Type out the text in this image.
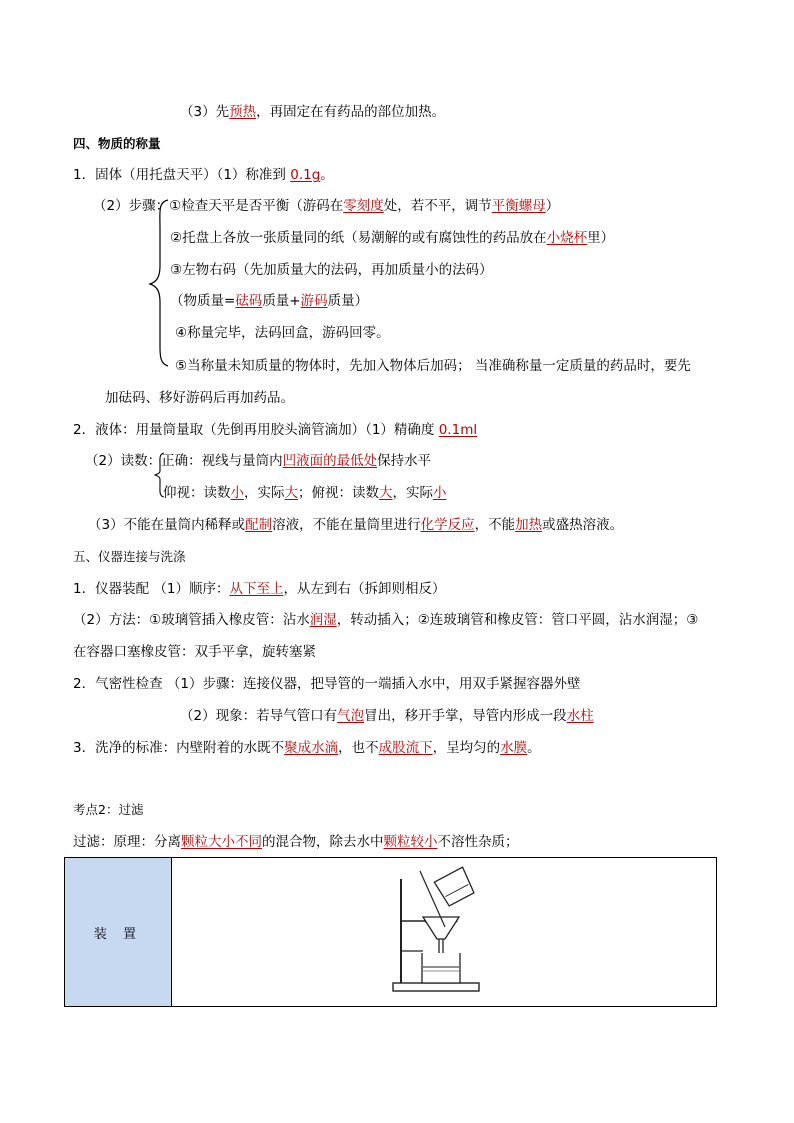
（3）先预热，再固定在有药品的部位加热。
四、物质的称量
1．固体（用托盘天平）（1）称准到 0.1g。
（2）步骤：①检查天平是否平衡（游码在零刻度处，若不平，调节平衡螺母）
②托盘上各放一张质量同的纸（易潮解的或有腐蚀性的药品放在小烧杯里）
③左物右码（先加质量大的法码，再加质量小的法码）
（物质量=砝码质量+游码质量）
④称量完毕，法码回盒，游码回零。
⑤当称量未知质量的物体时，先加入物体后加码； 当准确称量一定质量的药品时，要先
加砝码、移好游码后再加药品。
2．液体：用量筒量取（先倒再用胶头滴管滴加）（1）精确度 0.1ml
（2）读数：正确：视线与量筒内凹液面的最低处保持水平
仰视：读数小，实际大；俯视：读数大，实际小
（3）不能在量筒内稀释或配制溶液，不能在量筒里进行化学反应，不能加热或盛热溶液。
五、仪器连接与洗涤
1．仪器装配 （1）顺序：从下至上，从左到右（拆卸则相反）
（2）方法：①玻璃管插入橡皮管：沾水润湿，转动插入；②连玻璃管和橡皮管：管口平圆，沾水润湿；③
在容器口塞橡皮管：双手平拿，旋转塞紧
2．气密性检查 （1）步骤：连接仪器，把导管的一端插入水中，用双手紧握容器外壁
（2）现象：若导气管口有气泡冒出，移开手掌，导管内形成一段水柱
3．洗净的标准：内壁附着的水既不聚成水滴，也不成股流下，呈均匀的水膜。
考点2：过滤
过滤：原理：分离颗粒大小不同的混合物，除去水中颗粒较小不溶性杂质；
装 置	
